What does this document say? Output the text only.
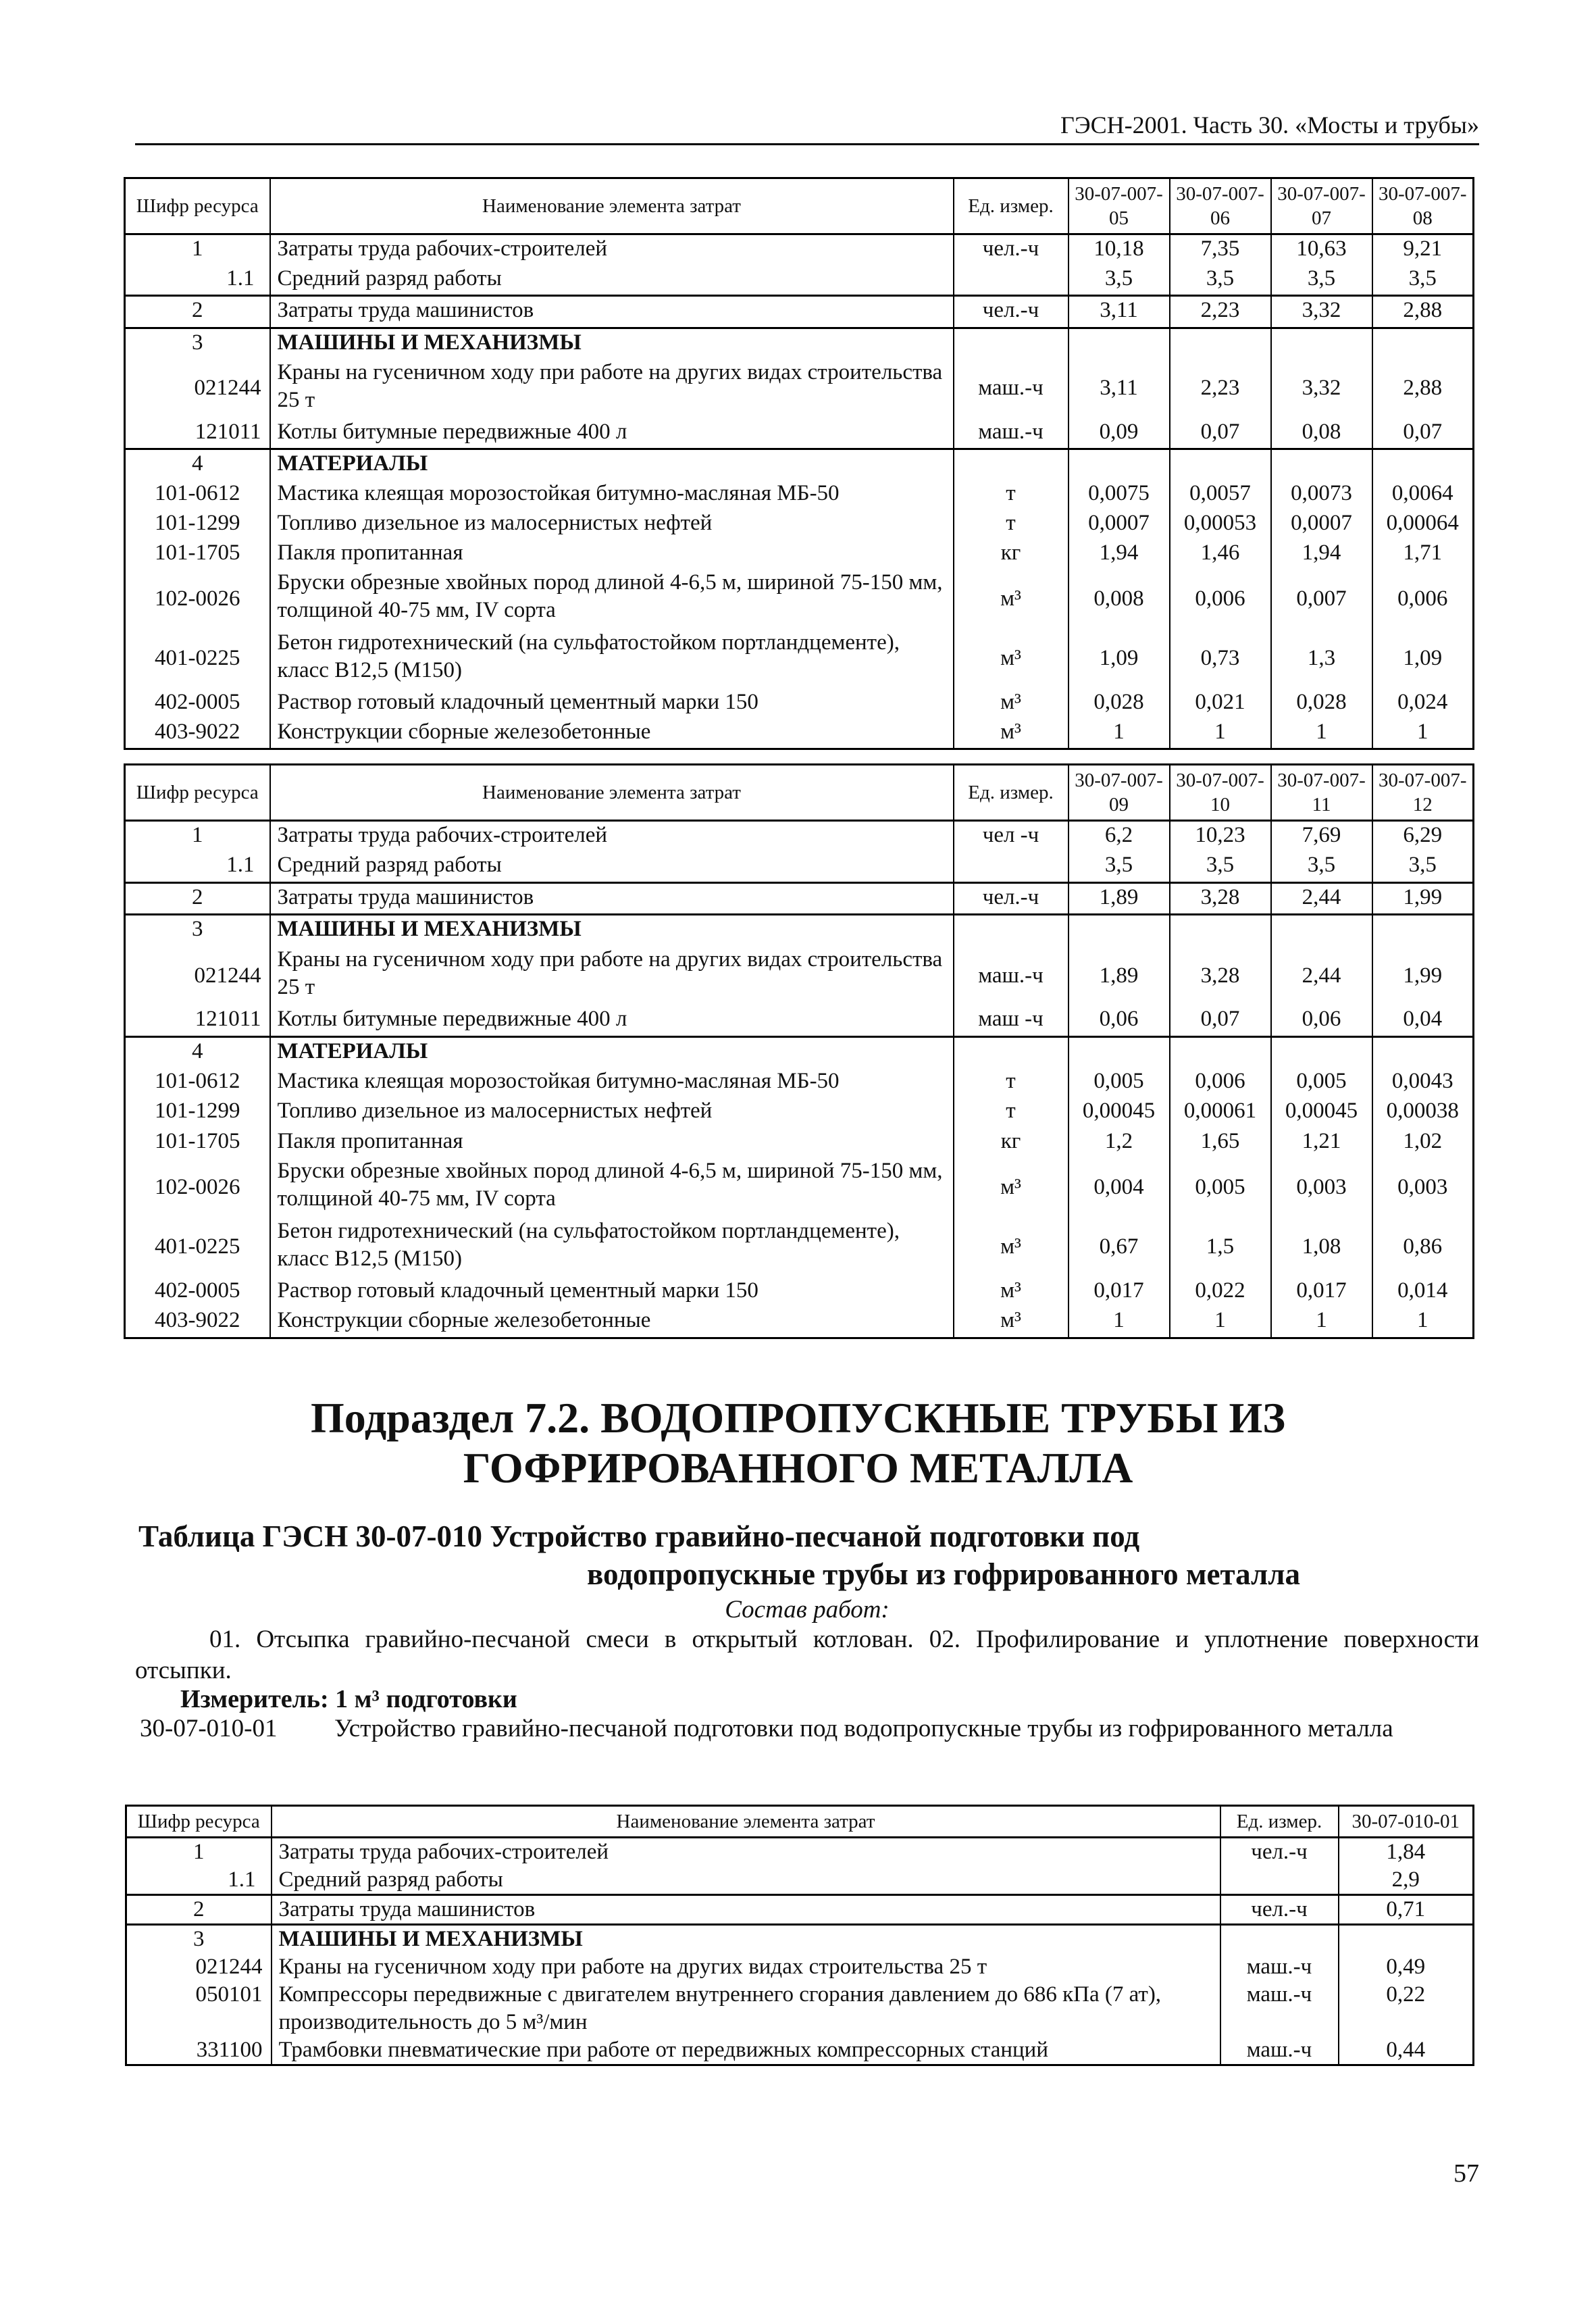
ГЭСН-2001. Часть 30. «Мосты и трубы»
Шифр ресурса	Наименование элемента затрат	Ед. измер.	30-07-007-05	30-07-007-06	30-07-007-07	30-07-007-08
1	Затраты труда рабочих-строителей	чел.-ч	10,18	7,35	10,63	9,21
1.1	Средний разряд работы		3,5	3,5	3,5	3,5
2	Затраты труда машинистов	чел.-ч	3,11	2,23	3,32	2,88
3	МАШИНЫ И МЕХАНИЗМЫ					
021244	Краны на гусеничном ходу при работе на других видах строительства 25 т	маш.-ч	3,11	2,23	3,32	2,88
121011	Котлы битумные передвижные 400 л	маш.-ч	0,09	0,07	0,08	0,07
4	МАТЕРИАЛЫ					
101-0612	Мастика клеящая морозостойкая битумно-масляная МБ-50	т	0,0075	0,0057	0,0073	0,0064
101-1299	Топливо дизельное из малосернистых нефтей	т	0,0007	0,00053	0,0007	0,00064
101-1705	Пакля пропитанная	кг	1,94	1,46	1,94	1,71
102-0026	Бруски обрезные хвойных пород длиной 4-6,5 м, шириной 75-150 мм, толщиной 40-75 мм, IV сорта	м³	0,008	0,006	0,007	0,006
401-0225	Бетон гидротехнический (на сульфатостойком портландцементе), класс В12,5 (М150)	м³	1,09	0,73	1,3	1,09
402-0005	Раствор готовый кладочный цементный марки 150	м³	0,028	0,021	0,028	0,024
403-9022	Конструкции сборные железобетонные	м³	1	1	1	1
Шифр ресурса	Наименование элемента затрат	Ед. измер.	30-07-007-09	30-07-007-10	30-07-007-11	30-07-007-12
1	Затраты труда рабочих-строителей	чел -ч	6,2	10,23	7,69	6,29
1.1	Средний разряд работы		3,5	3,5	3,5	3,5
2	Затраты труда машинистов	чел.-ч	1,89	3,28	2,44	1,99
3	МАШИНЫ И МЕХАНИЗМЫ					
021244	Краны на гусеничном ходу при работе на других видах строительства 25 т	маш.-ч	1,89	3,28	2,44	1,99
121011	Котлы битумные передвижные 400 л	маш -ч	0,06	0,07	0,06	0,04
4	МАТЕРИАЛЫ					
101-0612	Мастика клеящая морозостойкая битумно-масляная МБ-50	т	0,005	0,006	0,005	0,0043
101-1299	Топливо дизельное из малосернистых нефтей	т	0,00045	0,00061	0,00045	0,00038
101-1705	Пакля пропитанная	кг	1,2	1,65	1,21	1,02
102-0026	Бруски обрезные хвойных пород длиной 4-6,5 м, шириной 75-150 мм, толщиной 40-75 мм, IV сорта	м³	0,004	0,005	0,003	0,003
401-0225	Бетон гидротехнический (на сульфатостойком портландцементе), класс В12,5 (М150)	м³	0,67	1,5	1,08	0,86
402-0005	Раствор готовый кладочный цементный марки 150	м³	0,017	0,022	0,017	0,014
403-9022	Конструкции сборные железобетонные	м³	1	1	1	1
Подраздел 7.2. ВОДОПРОПУСКНЫЕ ТРУБЫ ИЗ ГОФРИРОВАННОГО МЕТАЛЛА
Таблица ГЭСН 30-07-010 Устройство гравийно-песчаной подготовки под
водопропускные трубы из гофрированного металла
Состав работ:
01. Отсыпка гравийно-песчаной смеси в открытый котлован. 02. Профилирование и уплотнение поверхности отсыпки.
Измеритель: 1 м³ подготовки
30-07-010-01 Устройство гравийно-песчаной подготовки под водопропускные трубы из гофрированного металла
Шифр ресурса	Наименование элемента затрат	Ед. измер.	30-07-010-01
1	Затраты труда рабочих-строителей	чел.-ч	1,84
1.1	Средний разряд работы		2,9
2	Затраты труда машинистов	чел.-ч	0,71
3	МАШИНЫ И МЕХАНИЗМЫ		
021244	Краны на гусеничном ходу при работе на других видах строительства 25 т	маш.-ч	0,49
050101	Компрессоры передвижные с двигателем внутреннего сгорания давлением до 686 кПа (7 ат), производительность до 5 м³/мин	маш.-ч	0,22
331100	Трамбовки пневматические при работе от передвижных компрессорных станций	маш.-ч	0,44
57
